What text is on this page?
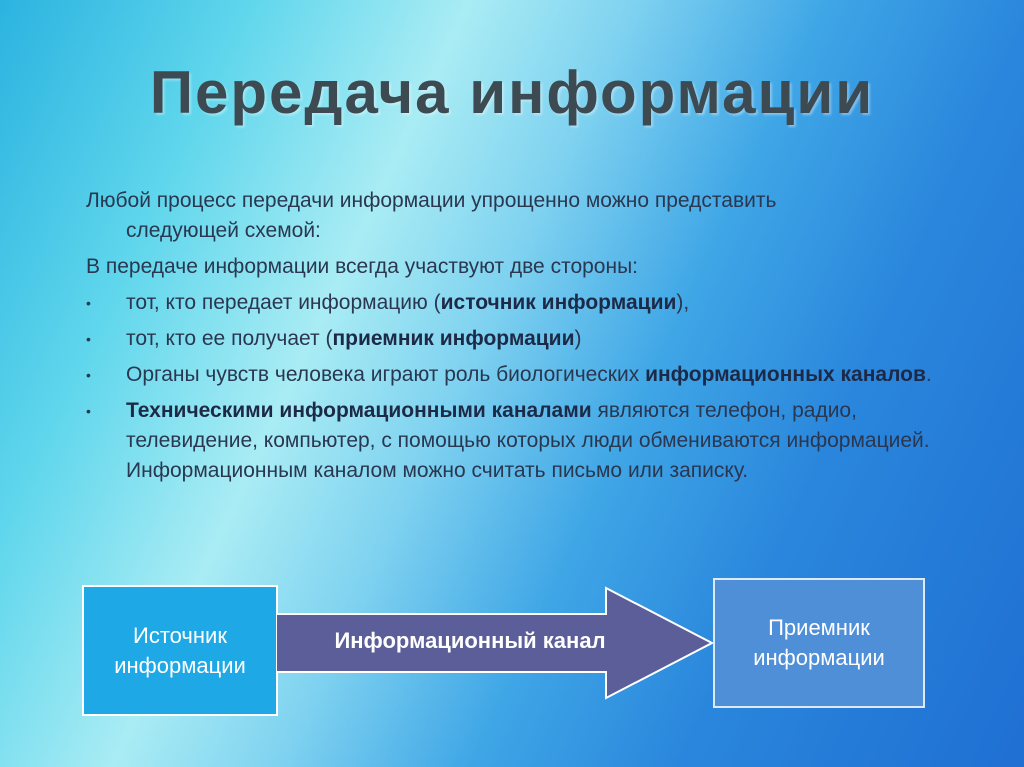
Передача информации
Любой процесс передачи информации упрощенно можно представить
следующей схемой:
В передаче информации всегда участвуют две стороны:
• тот, кто передает информацию (источник информации),
• тот, кто ее получает (приемник информации)
• Органы чувств человека играют роль биологических информационных каналов.
• Техническими информационными каналами являются телефон, радио, телевидение, компьютер, с помощью которых люди обмениваются информацией. Информационным каналом можно считать письмо или записку.
Источник
информации
Информационный канал
Приемник
информации
